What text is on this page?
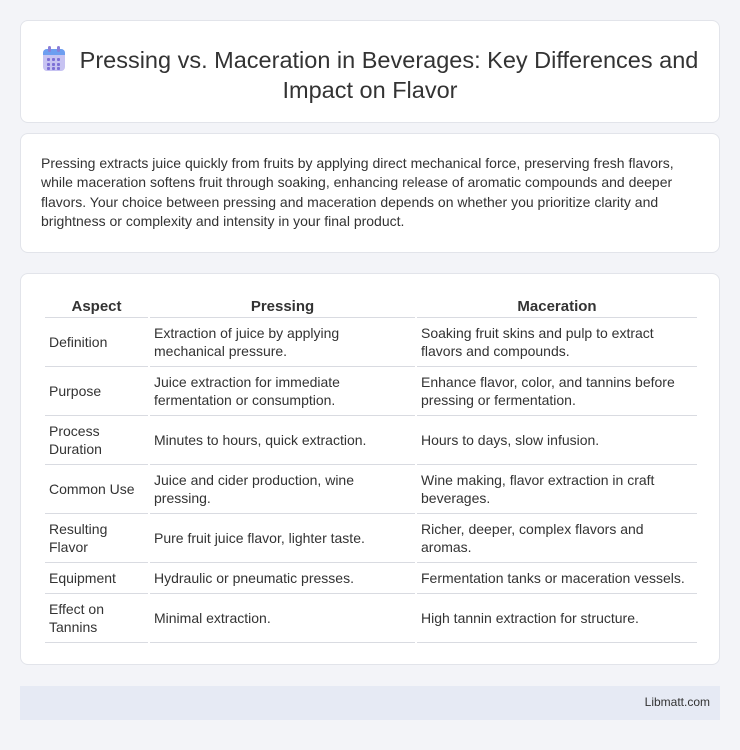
Pressing vs. Maceration in Beverages: Key Differences and Impact on Flavor

Pressing extracts juice quickly from fruits by applying direct mechanical force, preserving fresh flavors, while maceration softens fruit through soaking, enhancing release of aromatic compounds and deeper flavors. Your choice between pressing and maceration depends on whether you prioritize clarity and brightness or complexity and intensity in your final product.

Aspect	Pressing	Maceration
Definition	Extraction of juice by applying mechanical pressure.	Soaking fruit skins and pulp to extract flavors and compounds.
Purpose	Juice extraction for immediate fermentation or consumption.	Enhance flavor, color, and tannins before pressing or fermentation.
Process Duration	Minutes to hours, quick extraction.	Hours to days, slow infusion.
Common Use	Juice and cider production, wine pressing.	Wine making, flavor extraction in craft beverages.
Resulting Flavor	Pure fruit juice flavor, lighter taste.	Richer, deeper, complex flavors and aromas.
Equipment	Hydraulic or pneumatic presses.	Fermentation tanks or maceration vessels.
Effect on Tannins	Minimal extraction.	High tannin extraction for structure.
Libmatt.com
